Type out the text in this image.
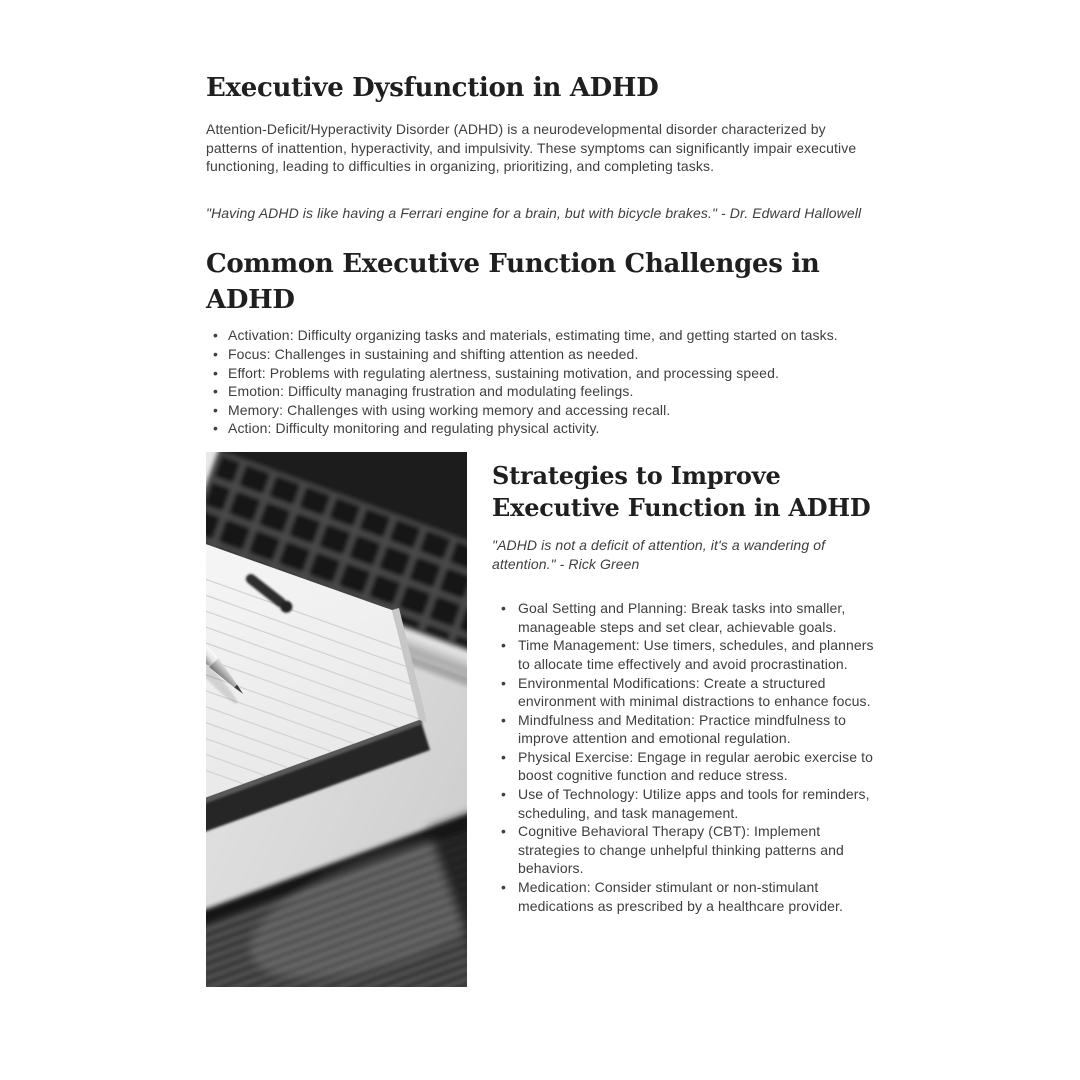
Executive Dysfunction in ADHD

Attention-Deficit/Hyperactivity Disorder (ADHD) is a neurodevelopmental disorder characterized by patterns of inattention, hyperactivity, and impulsivity. These symptoms can significantly impair executive functioning, leading to difficulties in organizing, prioritizing, and completing tasks.

"Having ADHD is like having a Ferrari engine for a brain, but with bicycle brakes." - Dr. Edward Hallowell

Common Executive Function Challenges in ADHD
• Activation: Difficulty organizing tasks and materials, estimating time, and getting started on tasks.
• Focus: Challenges in sustaining and shifting attention as needed.
• Effort: Problems with regulating alertness, sustaining motivation, and processing speed.
• Emotion: Difficulty managing frustration and modulating feelings.
• Memory: Challenges with using working memory and accessing recall.
• Action: Difficulty monitoring and regulating physical activity.
Strategies to Improve Executive Function in ADHD

"ADHD is not a deficit of attention, it's a wandering of attention." - Rick Green

• Goal Setting and Planning: Break tasks into smaller, manageable steps and set clear, achievable goals.
• Time Management: Use timers, schedules, and planners to allocate time effectively and avoid procrastination.
• Environmental Modifications: Create a structured environment with minimal distractions to enhance focus.
• Mindfulness and Meditation: Practice mindfulness to improve attention and emotional regulation.
• Physical Exercise: Engage in regular aerobic exercise to boost cognitive function and reduce stress.
• Use of Technology: Utilize apps and tools for reminders, scheduling, and task management.
• Cognitive Behavioral Therapy (CBT): Implement strategies to change unhelpful thinking patterns and behaviors.
• Medication: Consider stimulant or non-stimulant medications as prescribed by a healthcare provider.
